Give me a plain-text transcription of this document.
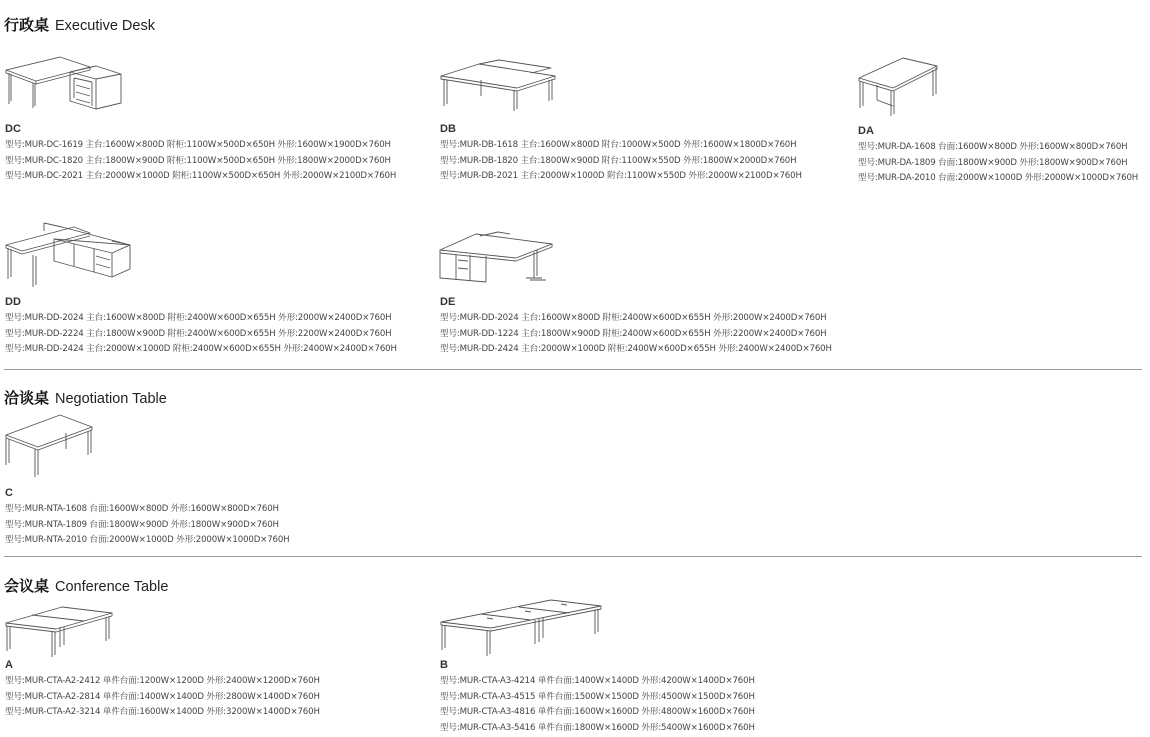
行政桌 Executive Desk
洽谈桌 Negotiation Table
会议桌 Conference Table
DC
型号:MUR-DC-1619 主台:1600W×800D 附柜:1100W×500D×650H 外形:1600W×1900D×760H
型号:MUR-DC-1820 主台:1800W×900D 附柜:1100W×500D×650H 外形:1800W×2000D×760H
型号:MUR-DC-2021 主台:2000W×1000D 附柜:1100W×500D×650H 外形:2000W×2100D×760H
DB
型号:MUR-DB-1618 主台:1600W×800D 附台:1000W×500D 外形:1600W×1800D×760H
型号:MUR-DB-1820 主台:1800W×900D 附台:1100W×550D 外形:1800W×2000D×760H
型号:MUR-DB-2021 主台:2000W×1000D 附台:1100W×550D 外形:2000W×2100D×760H
DA
型号:MUR-DA-1608 台面:1600W×800D 外形:1600W×800D×760H
型号:MUR-DA-1809 台面:1800W×900D 外形:1800W×900D×760H
型号:MUR-DA-2010 台面:2000W×1000D 外形:2000W×1000D×760H
DD
型号:MUR-DD-2024 主台:1600W×800D 附柜:2400W×600D×655H 外形:2000W×2400D×760H
型号:MUR-DD-2224 主台:1800W×900D 附柜:2400W×600D×655H 外形:2200W×2400D×760H
型号:MUR-DD-2424 主台:2000W×1000D 附柜:2400W×600D×655H 外形:2400W×2400D×760H
DE
型号:MUR-DD-2024 主台:1600W×800D 附柜:2400W×600D×655H 外形:2000W×2400D×760H
型号:MUR-DD-1224 主台:1800W×900D 附柜:2400W×600D×655H 外形:2200W×2400D×760H
型号:MUR-DD-2424 主台:2000W×1000D 附柜:2400W×600D×655H 外形:2400W×2400D×760H
C
型号:MUR-NTA-1608 台面:1600W×800D 外形:1600W×800D×760H
型号:MUR-NTA-1809 台面:1800W×900D 外形:1800W×900D×760H
型号:MUR-NTA-2010 台面:2000W×1000D 外形:2000W×1000D×760H
A
型号:MUR-CTA-A2-2412 单件台面:1200W×1200D 外形:2400W×1200D×760H
型号:MUR-CTA-A2-2814 单件台面:1400W×1400D 外形:2800W×1400D×760H
型号:MUR-CTA-A2-3214 单件台面:1600W×1400D 外形:3200W×1400D×760H
B
型号:MUR-CTA-A3-4214 单件台面:1400W×1400D 外形:4200W×1400D×760H
型号:MUR-CTA-A3-4515 单件台面:1500W×1500D 外形:4500W×1500D×760H
型号:MUR-CTA-A3-4816 单件台面:1600W×1600D 外形:4800W×1600D×760H
型号:MUR-CTA-A3-5416 单件台面:1800W×1600D 外形:5400W×1600D×760H
